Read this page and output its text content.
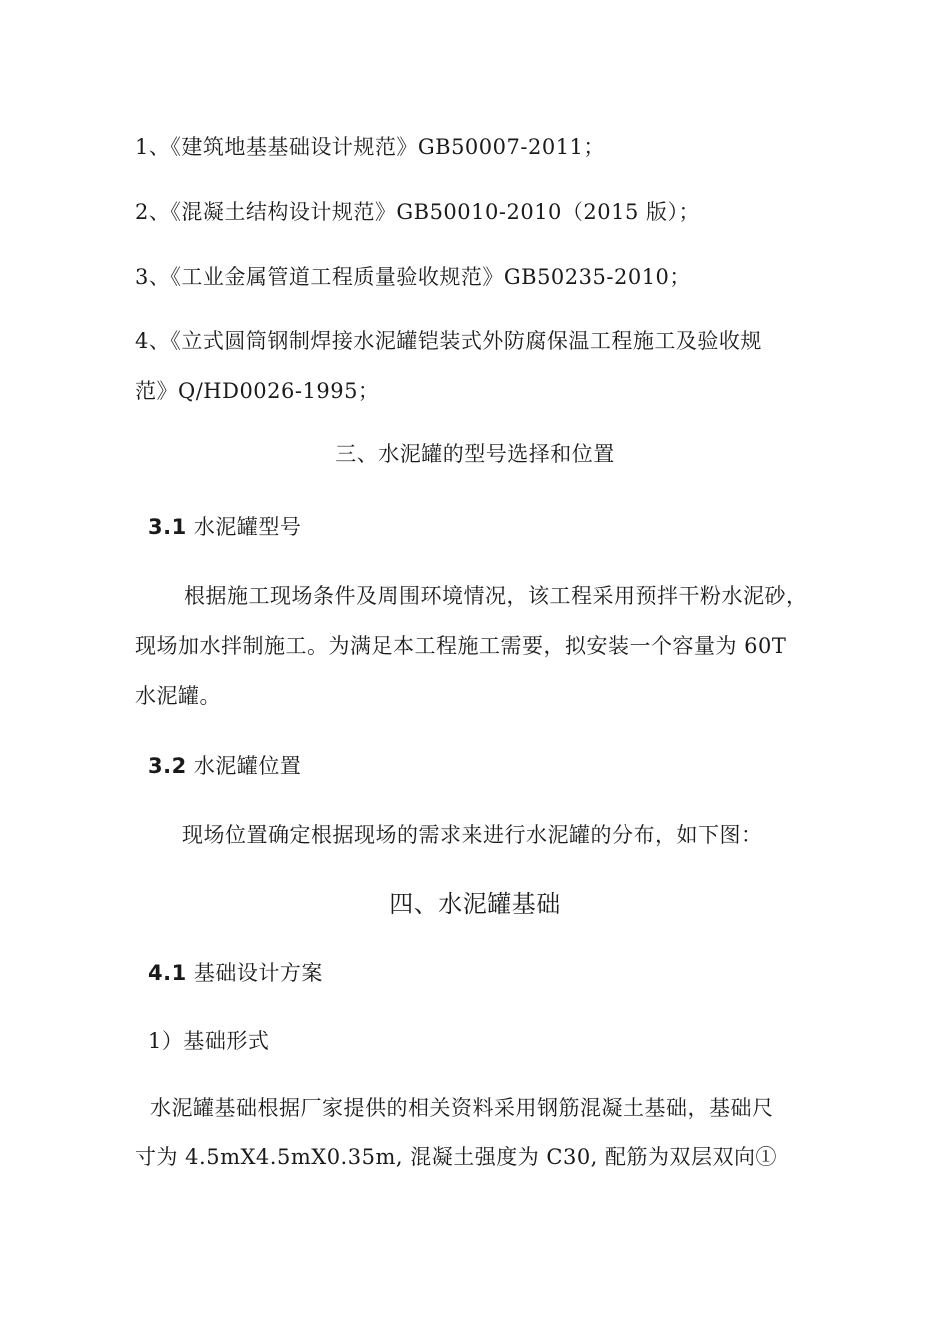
1、《建筑地基基础设计规范》GB50007-2011；
2、《混凝土结构设计规范》GB50010-2010（2015 版）；
3、《工业金属管道工程质量验收规范》GB50235-2010；
4、《立式圆筒钢制焊接水泥罐铠装式外防腐保温工程施工及验收规
范》Q/HD0026-1995；
三、水泥罐的型号选择和位置
3.1 水泥罐型号
根据施工现场条件及周围环境情况，该工程采用预拌干粉水泥砂，
现场加水拌制施工。为满足本工程施工需要，拟安装一个容量为 60T
水泥罐。
3.2 水泥罐位置
现场位置确定根据现场的需求来进行水泥罐的分布，如下图：
四、水泥罐基础
4.1 基础设计方案
1）基础形式
水泥罐基础根据厂家提供的相关资料采用钢筋混凝土基础，基础尺
寸为 4.5mX4.5mX0.35m, 混凝土强度为 C30, 配筋为双层双向①
